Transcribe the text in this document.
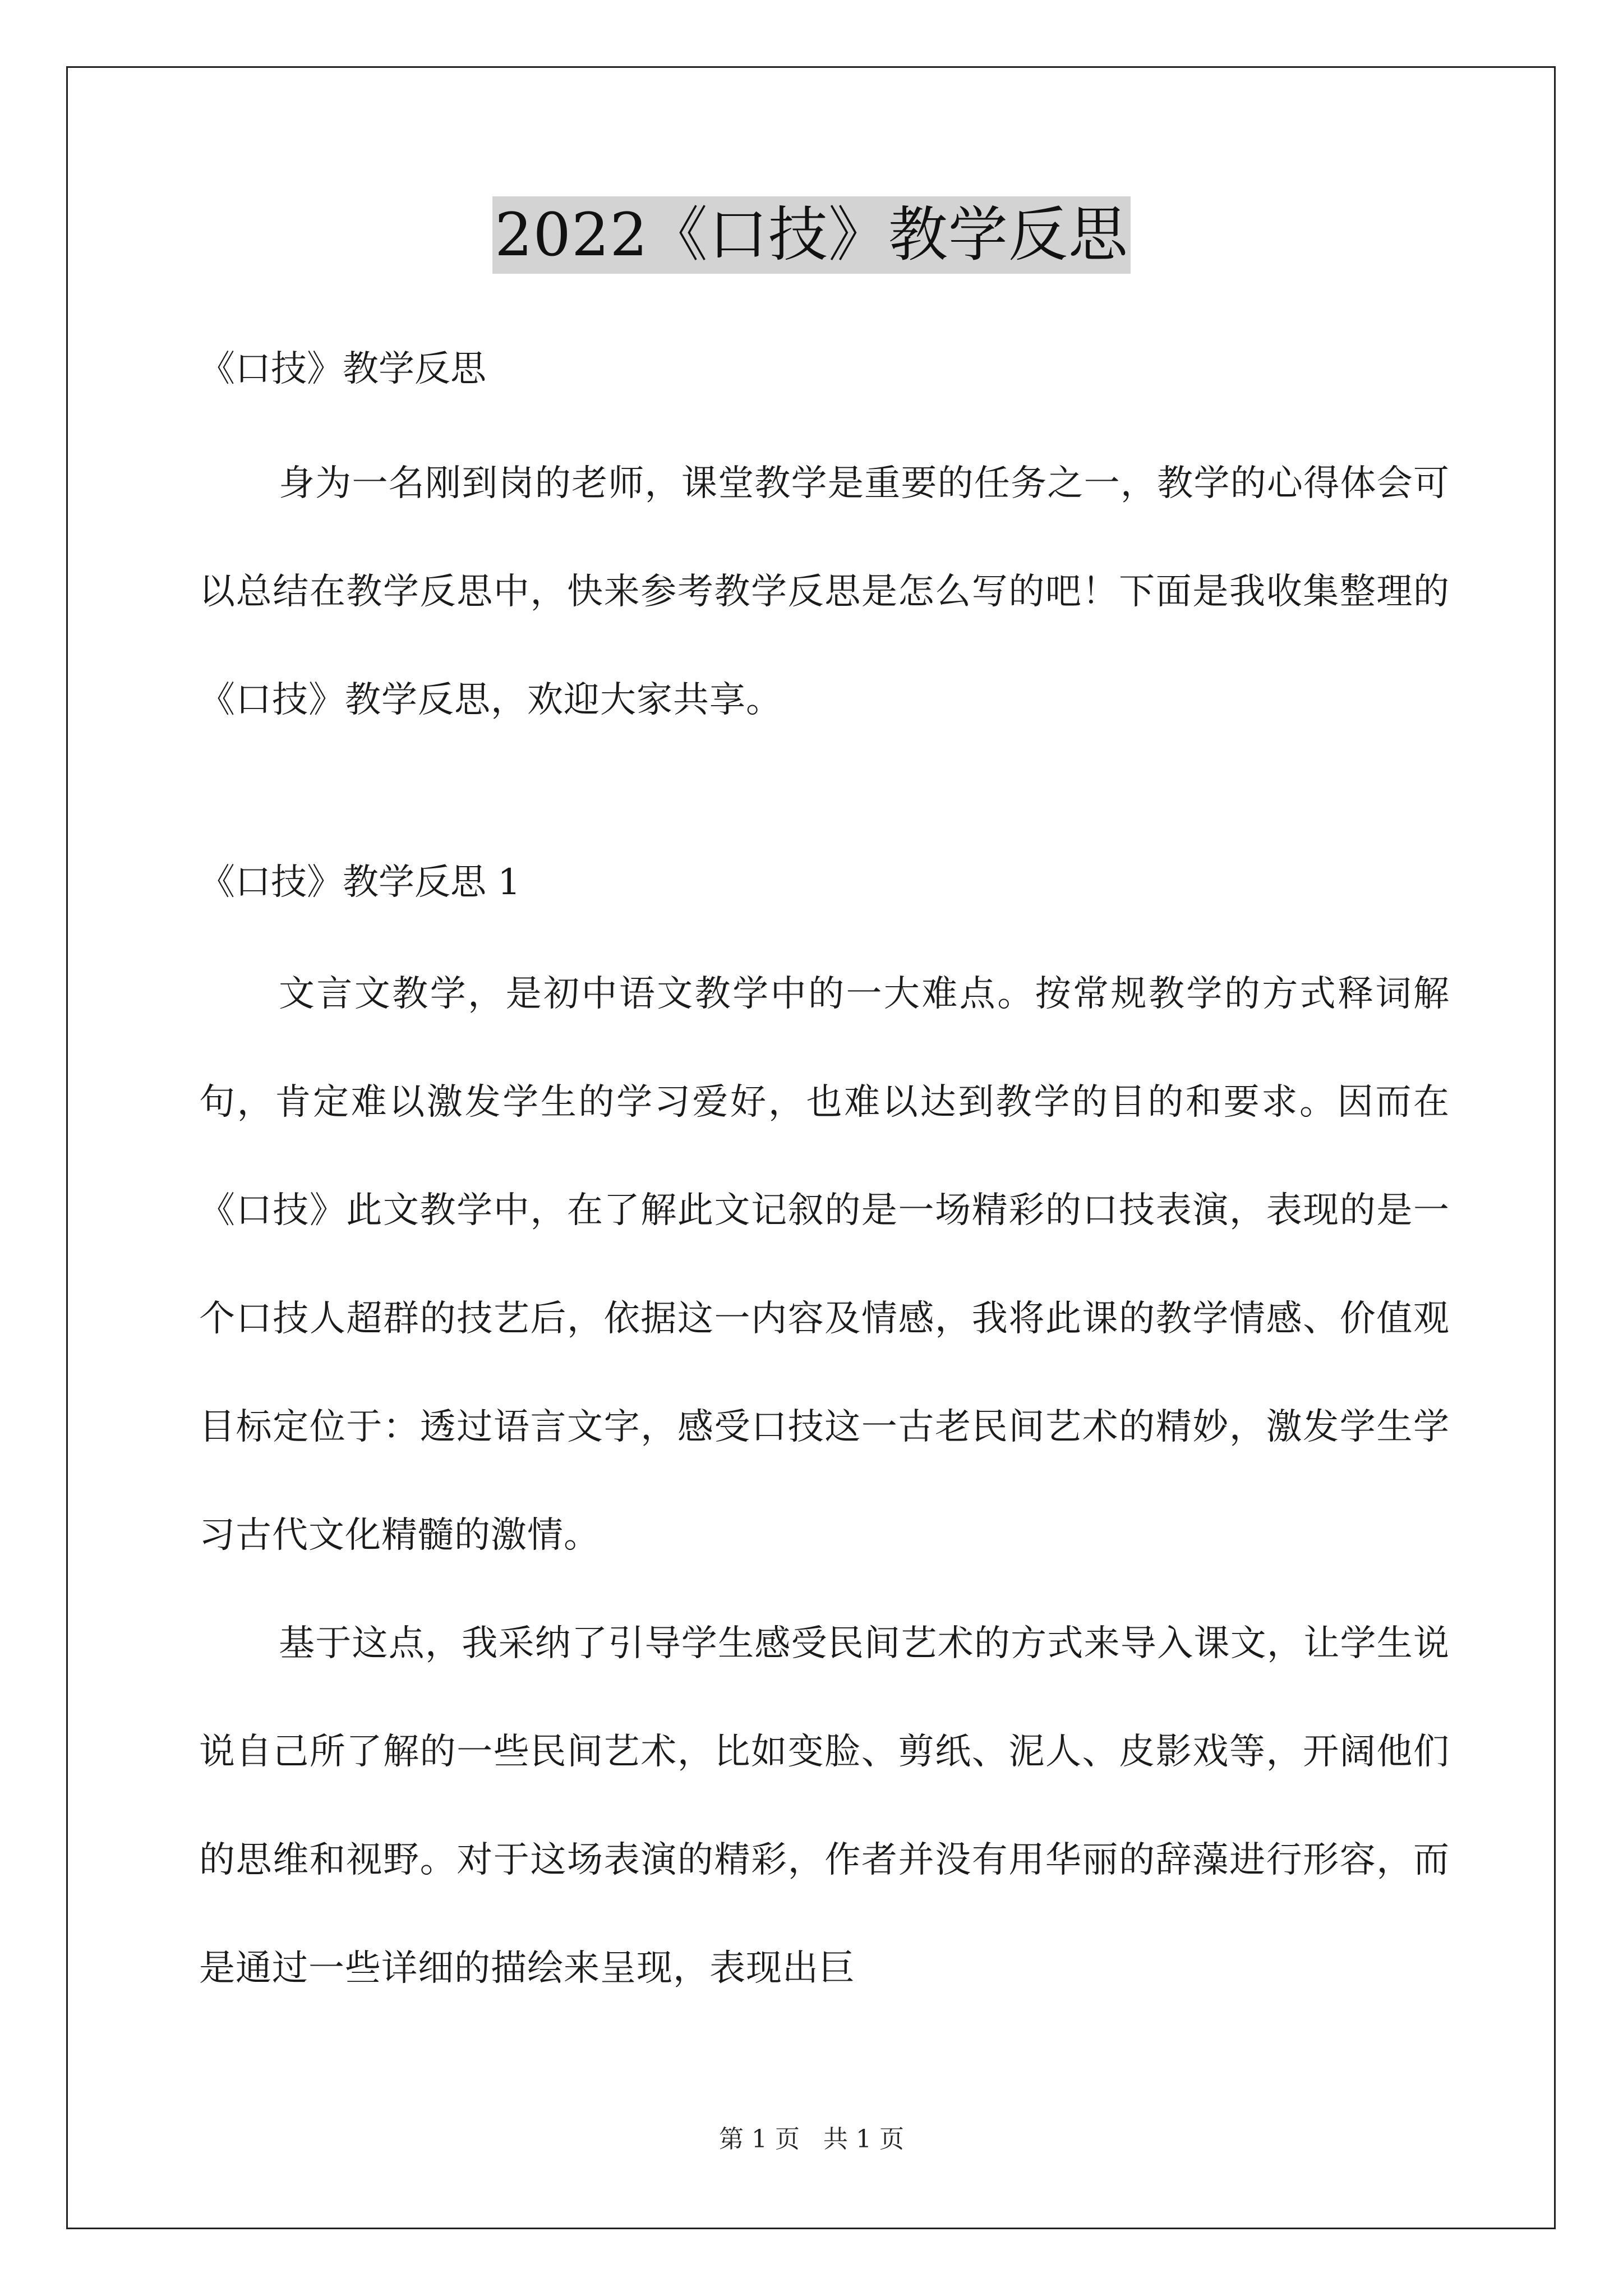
2022《口技》教学反思

《口技》教学反思

身为一名刚到岗的老师，课堂教学是重要的任务之一，教学的心得体会可以总结在教学反思中，快来参考教学反思是怎么写的吧！下面是我收集整理的《口技》教学反思，欢迎大家共享。

《口技》教学反思 1

文言文教学，是初中语文教学中的一大难点。按常规教学的方式释词解句，肯定难以激发学生的学习爱好，也难以达到教学的目的和要求。因而在《口技》此文教学中，在了解此文记叙的是一场精彩的口技表演，表现的是一个口技人超群的技艺后，依据这一内容及情感，我将此课的教学情感、价值观目标定位于：透过语言文字，感受口技这一古老民间艺术的精妙，激发学生学习古代文化精髓的激情。

基于这点，我采纳了引导学生感受民间艺术的方式来导入课文，让学生说说自己所了解的一些民间艺术，比如变脸、剪纸、泥人、皮影戏等，开阔他们的思维和视野。对于这场表演的精彩，作者并没有用华丽的辞藻进行形容，而是通过一些详细的描绘来呈现，表现出巨

第 1 页   共 1 页
